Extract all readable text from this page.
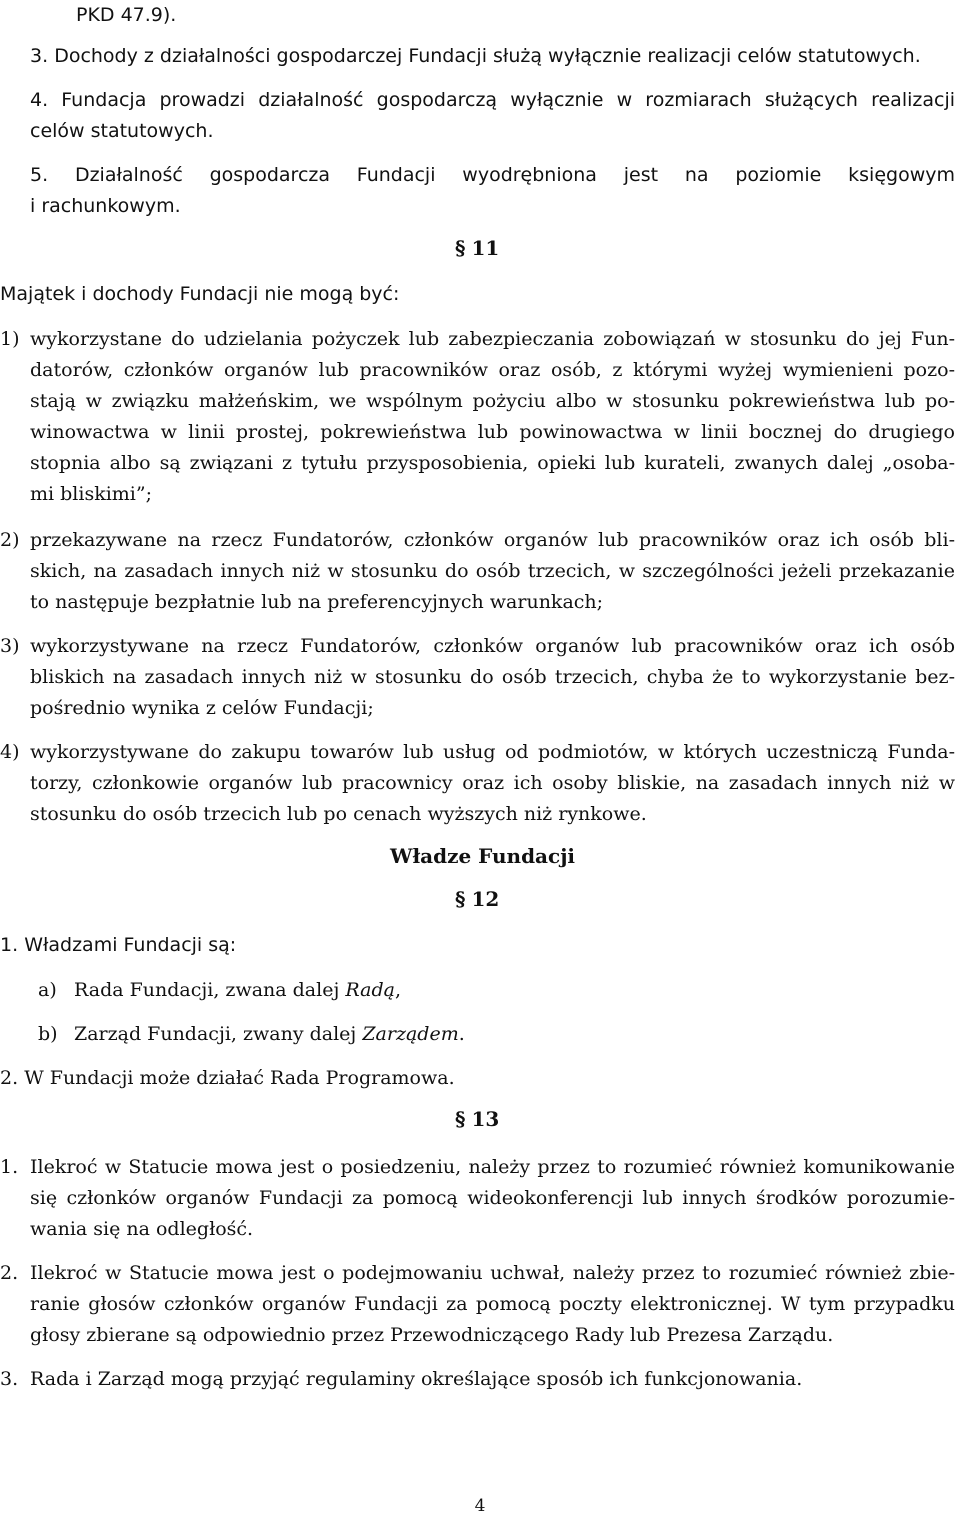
PKD 47.9).
3. Dochody z działalności gospodarczej Fundacji służą wyłącznie realizacji celów statutowych.
4. Fundacja prowadzi działalność gospodarczą wyłącznie w rozmiarach służących realizacji
celów statutowych.
5. Działalność gospodarcza Fundacji wyodrębniona jest na poziomie księgowym
i rachunkowym.
§ 11
Majątek i dochody Fundacji nie mogą być:
1) wykorzystane do udzielania pożyczek lub zabezpieczania zobowiązań w stosunku do jej Fun-
datorów, członków organów lub pracowników oraz osób, z którymi wyżej wymienieni pozo-
stają w związku małżeńskim, we wspólnym pożyciu albo w stosunku pokrewieństwa lub po-
winowactwa w linii prostej, pokrewieństwa lub powinowactwa w linii bocznej do drugiego
stopnia albo są związani z tytułu przysposobienia, opieki lub kurateli, zwanych dalej „osoba-
mi bliskimi”;
2) przekazywane na rzecz Fundatorów, członków organów lub pracowników oraz ich osób bli-
skich, na zasadach innych niż w stosunku do osób trzecich, w szczególności jeżeli przekazanie
to następuje bezpłatnie lub na preferencyjnych warunkach;
3) wykorzystywane na rzecz Fundatorów, członków organów lub pracowników oraz ich osób
bliskich na zasadach innych niż w stosunku do osób trzecich, chyba że to wykorzystanie bez-
pośrednio wynika z celów Fundacji;
4) wykorzystywane do zakupu towarów lub usług od podmiotów, w których uczestniczą Funda-
torzy, członkowie organów lub pracownicy oraz ich osoby bliskie, na zasadach innych niż w
stosunku do osób trzecich lub po cenach wyższych niż rynkowe.
Władze Fundacji
§ 12
1. Władzami Fundacji są:
a) Rada Fundacji, zwana dalej Radą,
b) Zarząd Fundacji, zwany dalej Zarządem.
2. W Fundacji może działać Rada Programowa.
§ 13
1. Ilekroć w Statucie mowa jest o posiedzeniu, należy przez to rozumieć również komunikowanie
się członków organów Fundacji za pomocą wideokonferencji lub innych środków porozumie-
wania się na odległość.
2. Ilekroć w Statucie mowa jest o podejmowaniu uchwał, należy przez to rozumieć również zbie-
ranie głosów członków organów Fundacji za pomocą poczty elektronicznej. W tym przypadku
głosy zbierane są odpowiednio przez Przewodniczącego Rady lub Prezesa Zarządu.
3. Rada i Zarząd mogą przyjąć regulaminy określające sposób ich funkcjonowania.
4
